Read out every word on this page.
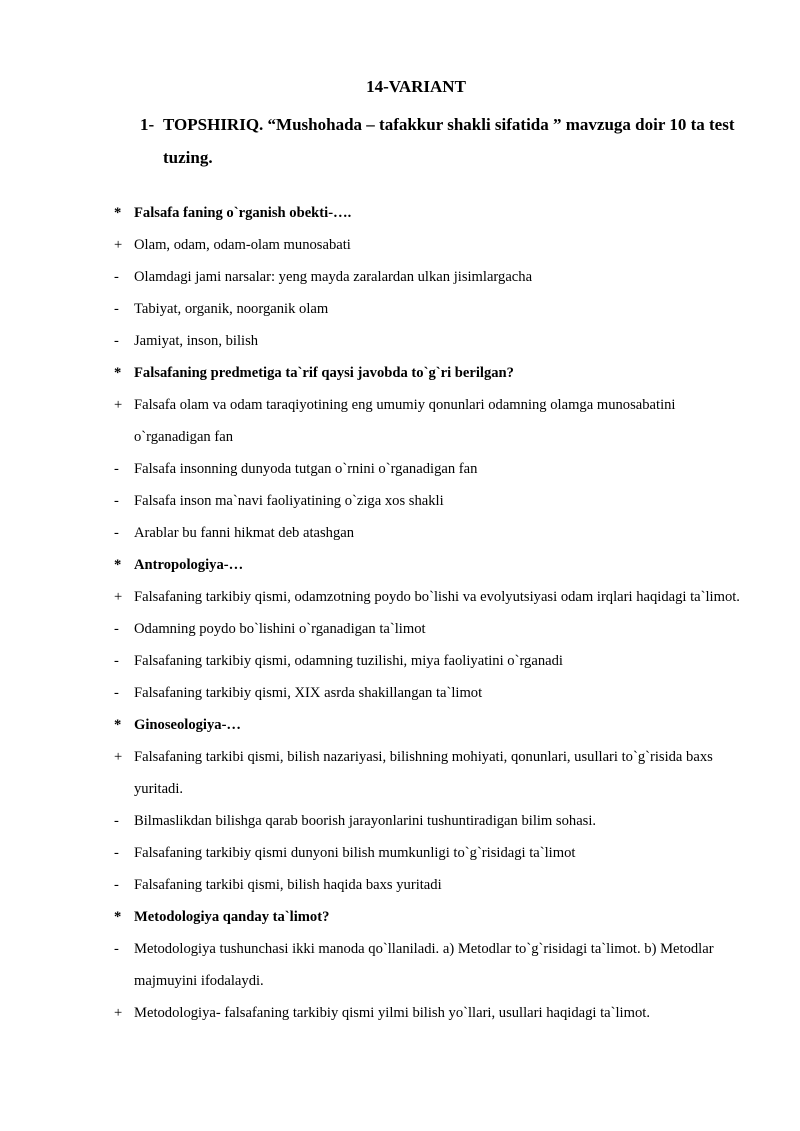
14-VARIANT
1- TOPSHIRIQ. “Mushohada – tafakkur shakli sifatida ” mavzuga doir 10 ta test tuzing.
* Falsafa faning o`rganish obekti-….
+ Olam, odam, odam-olam munosabati
-	Olamdagi jami narsalar: yeng mayda zaralardan ulkan jisimlargacha
-	Tabiyat, organik, noorganik olam
-	Jamiyat, inson, bilish
* Falsafaning predmetiga ta`rif qaysi javobda to`g`ri berilgan?
+ Falsafa olam va odam taraqiyotining eng umumiy qonunlari odamning olamga munosabatini o`rganadigan fan
-	Falsafa insonning dunyoda tutgan o`rnini o`rganadigan fan
-	Falsafa inson ma`navi faoliyatining o`ziga xos shakli
-	Arablar bu fanni hikmat deb atashgan
* Antropologiya-…
+ Falsafaning tarkibiy qismi, odamzotning poydo bo`lishi va evolyutsiyasi odam irqlari haqidagi ta`limot.
-	Odamning poydo bo`lishini o`rganadigan ta`limot
-	Falsafaning tarkibiy qismi, odamning tuzilishi, miya faoliyatini o`rganadi
-	Falsafaning tarkibiy qismi, XIX asrda shakillangan ta`limot
* Ginoseologiya-…
+ Falsafaning tarkibi qismi, bilish nazariyasi, bilishning mohiyati, qonunlari, usullari to`g`risida baxs yuritadi.
-	Bilmaslikdan bilishga qarab boorish jarayonlarini tushuntiradigan bilim sohasi.
-	Falsafaning tarkibiy qismi dunyoni bilish mumkunligi to`g`risidagi ta`limot
-	Falsafaning tarkibi qismi, bilish haqida baxs yuritadi
* Metodologiya qanday ta`limot?
-	Metodologiya tushunchasi ikki manoda qo`llaniladi. a) Metodlar to`g`risidagi ta`limot. b) Metodlar majmuyini ifodalaydi.
+ Metodologiya- falsafaning tarkibiy qismi yilmi bilish yo`llari, usullari haqidagi ta`limot.
